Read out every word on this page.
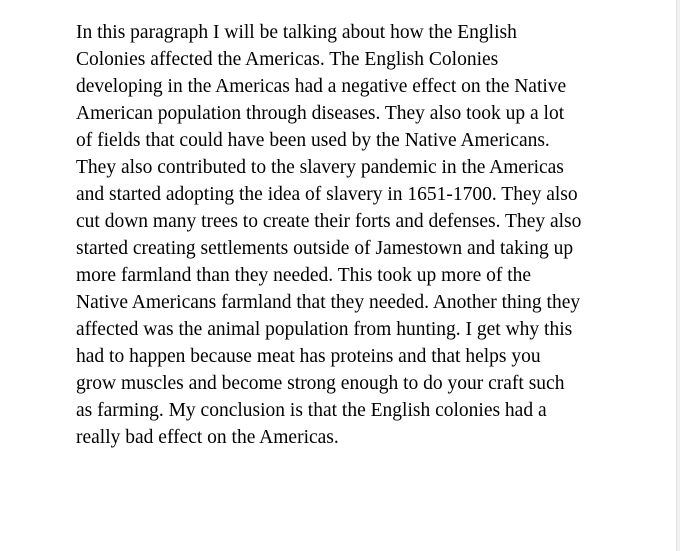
In this paragraph I will be talking about how the English
Colonies affected the Americas. The English Colonies
developing in the Americas had a negative effect on the Native
American population through diseases. They also took up a lot
of fields that could have been used by the Native Americans.
They also contributed to the slavery pandemic in the Americas
and started adopting the idea of slavery in 1651-1700. They also
cut down many trees to create their forts and defenses. They also
started creating settlements outside of Jamestown and taking up
more farmland than they needed. This took up more of the
Native Americans farmland that they needed. Another thing they
affected was the animal population from hunting. I get why this
had to happen because meat has proteins and that helps you
grow muscles and become strong enough to do your craft such
as farming. My conclusion is that the English colonies had a
really bad effect on the Americas.
